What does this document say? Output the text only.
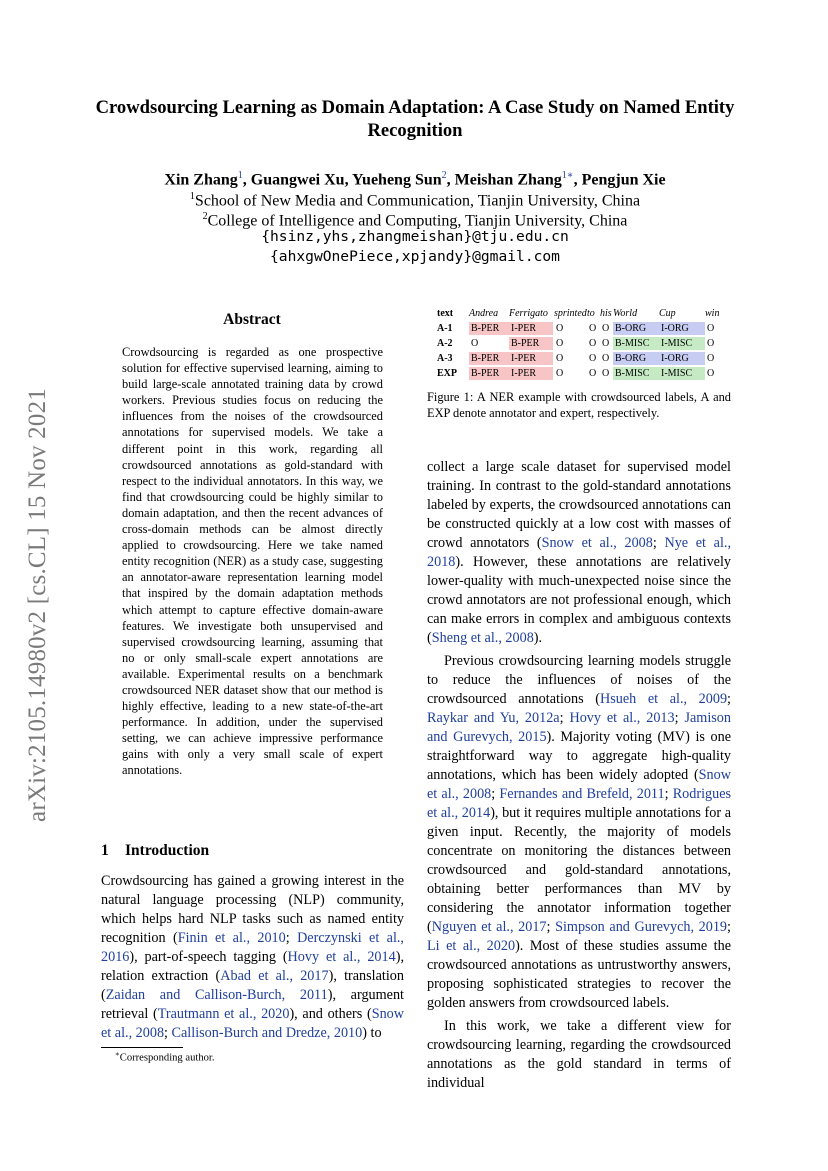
arXiv:2105.14980v2 [cs.CL] 15 Nov 2021
Crowdsourcing Learning as Domain Adaptation: A Case Study on Named Entity Recognition
Xin Zhang$^1$, Guangwei Xu, Yueheng Sun$^2$, Meishan Zhang$^{1∗}$, Pengjun Xie
$^1$School of New Media and Communication, Tianjin University, China
$^2$College of Intelligence and Computing, Tianjin University, China
{hsinz,yhs,zhangmeishan}@tju.edu.cn
{ahxgwOnePiece,xpjandy}@gmail.com
Abstract
Crowdsourcing is regarded as one prospective solution for effective supervised learning, aiming to build large-scale annotated training data by crowd workers. Previous studies focus on reducing the influences from the noises of the crowdsourced annotations for supervised models. We take a different point in this work, regarding all crowdsourced annotations as gold-standard with respect to the individual annotators. In this way, we find that crowdsourcing could be highly similar to domain adaptation, and then the recent advances of cross-domain methods can be almost directly applied to crowdsourcing. Here we take named entity recognition (NER) as a study case, suggesting an annotator-aware representation learning model that inspired by the domain adaptation methods which attempt to capture effective domain-aware features. We investigate both unsupervised and supervised crowdsourcing learning, assuming that no or only small-scale expert annotations are available. Experimental results on a benchmark crowdsourced NER dataset show that our method is highly effective, leading to a new state-of-the-art performance. In addition, under the supervised setting, we can achieve impressive performance gains with only a very small scale of expert annotations.
1 Introduction

Crowdsourcing has gained a growing interest in the natural language processing (NLP) community, which helps hard NLP tasks such as named entity recognition (Finin et al., 2010; Derczynski et al., 2016), part-of-speech tagging (Hovy et al., 2014), relation extraction (Abad et al., 2017), translation (Zaidan and Callison-Burch, 2011), argument retrieval (Trautmann et al., 2020), and others (Snow et al., 2008; Callison-Burch and Dredze, 2010) to

∗Corresponding author.
text Andrea Ferrigato sprinted to his World Cup	win
A-1 B-PER	I-PER	O	O O B-ORG	I-ORG	O
A-2 O	B-PER	O	O O B-MISC	I-MISC	O
A-3 B-PER	I-PER	O	O O B-ORG	I-ORG	O
EXP B-PER	I-PER	O	O O B-MISC	I-MISC	O
Figure 1: A NER example with crowdsourced labels, A and EXP denote annotator and expert, respectively.

collect a large scale dataset for supervised model training. In contrast to the gold-standard annotations labeled by experts, the crowdsourced annotations can be constructed quickly at a low cost with masses of crowd annotators (Snow et al., 2008; Nye et al., 2018). However, these annotations are relatively lower-quality with much-unexpected noise since the crowd annotators are not professional enough, which can make errors in complex and ambiguous contexts (Sheng et al., 2008).

Previous crowdsourcing learning models struggle to reduce the influences of noises of the crowdsourced annotations (Hsueh et al., 2009; Raykar and Yu, 2012a; Hovy et al., 2013; Jamison and Gurevych, 2015). Majority voting (MV) is one straightforward way to aggregate high-quality annotations, which has been widely adopted (Snow et al., 2008; Fernandes and Brefeld, 2011; Rodrigues et al., 2014), but it requires multiple annotations for a given input. Recently, the majority of models concentrate on monitoring the distances between crowdsourced and gold-standard annotations, obtaining better performances than MV by considering the annotator information together (Nguyen et al., 2017; Simpson and Gurevych, 2019; Li et al., 2020). Most of these studies assume the crowdsourced annotations as untrustworthy answers, proposing sophisticated strategies to recover the golden answers from crowdsourced labels.

In this work, we take a different view for crowdsourcing learning, regarding the crowdsourced annotations as the gold standard in terms of individual
